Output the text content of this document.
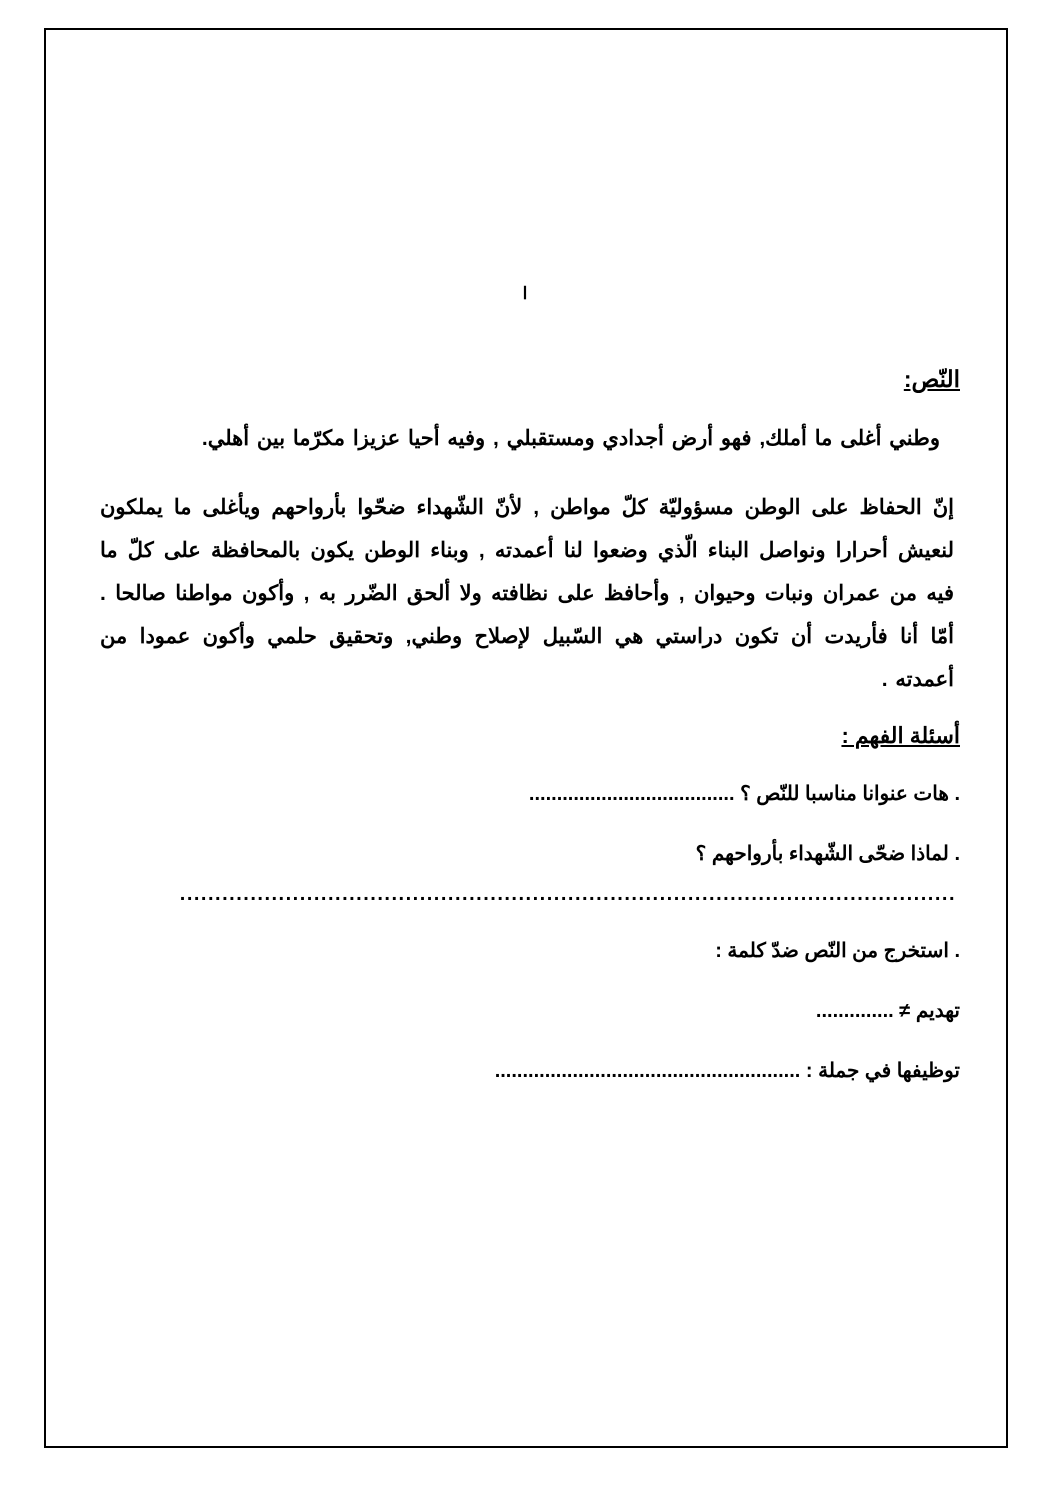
ا
النّص:
وطني أغلى ما أملك, فهو أرض أجدادي ومستقبلي , وفيه أحيا عزيزا مكرّما بين أهلي.
إنّ الحفاظ على الوطن مسؤوليّة كلّ مواطن , لأنّ الشّهداء ضحّوا بأرواحهم ويأغلى ما يملكون لنعيش أحرارا ونواصل البناء الّذي وضعوا لنا أعمدته , وبناء الوطن يكون بالمحافظة على كلّ ما فيه من عمران ونبات وحيوان , وأحافظ على نظافته ولا ألحق الضّرر به , وأكون مواطنا صالحا . أمّا أنا فأريدت أن تكون دراستي هي السّبيل لإصلاح وطني, وتحقيق حلمي وأكون عمودا من أعمدته .
أسئلة الفهم :
. هات عنوانا مناسبا للنّص ؟ .....................................
. لماذا ضحّى الشّهداء بأرواحهم ؟
..............................................................................................................
. استخرج من النّص ضدّ كلمة :
تهديم ≠ ..............
توظيفها في جملة : .......................................................
